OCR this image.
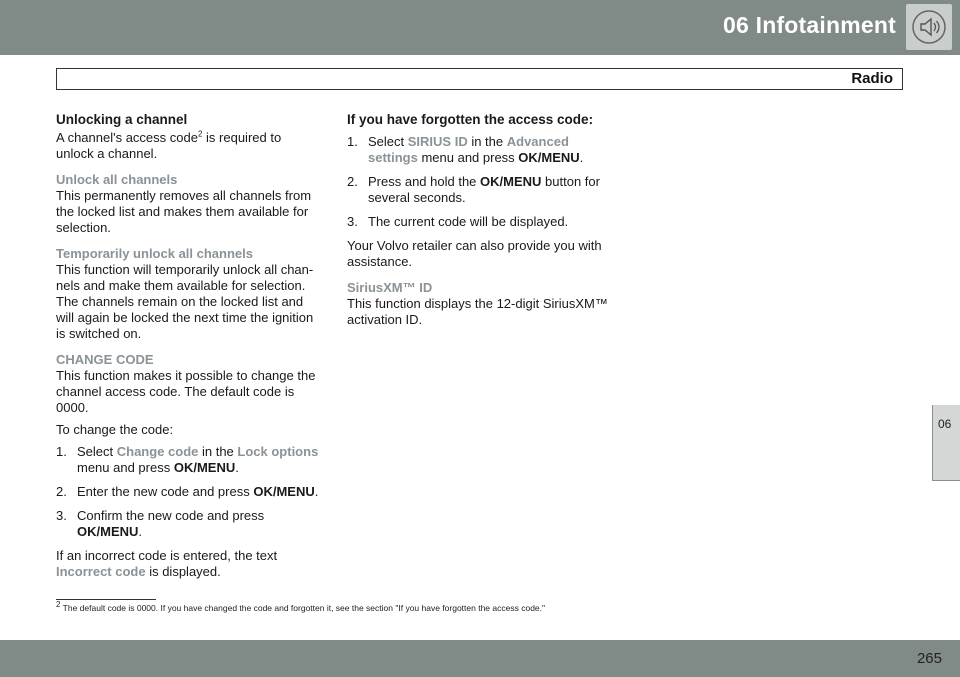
06 Infotainment
Radio
06
Unlocking a channel

A channel's access code$^2$ is required to unlock a channel.

Unlock all channels

This permanently removes all channels from the locked list and makes them available for selection.

Temporarily unlock all channels

This function will temporarily unlock all chan-nels and make them available for selection. The channels remain on the locked list and will again be locked the next time the ignition is switched on.

CHANGE CODE

This function makes it possible to change the channel access code. The default code is 0000.

To change the code:

1. Select Change code in the Lock options menu and press OK/MENU.
2. Enter the new code and press OK/MENU.
3. Confirm the new code and press OK/MENU.

If an incorrect code is entered, the text Incorrect code is displayed.

If you have forgotten the access code:
1. Select SIRIUS ID in the Advanced settings menu and press OK/MENU.
2. Press and hold the OK/MENU button for several seconds.
3. The current code will be displayed.

Your Volvo retailer can also provide you with assistance.

SiriusXM™ ID

This function displays the 12-digit SiriusXM™ activation ID.

$^2$ The default code is 0000. If you have changed the code and forgotten it, see the section "If you have forgotten the access code."
265
